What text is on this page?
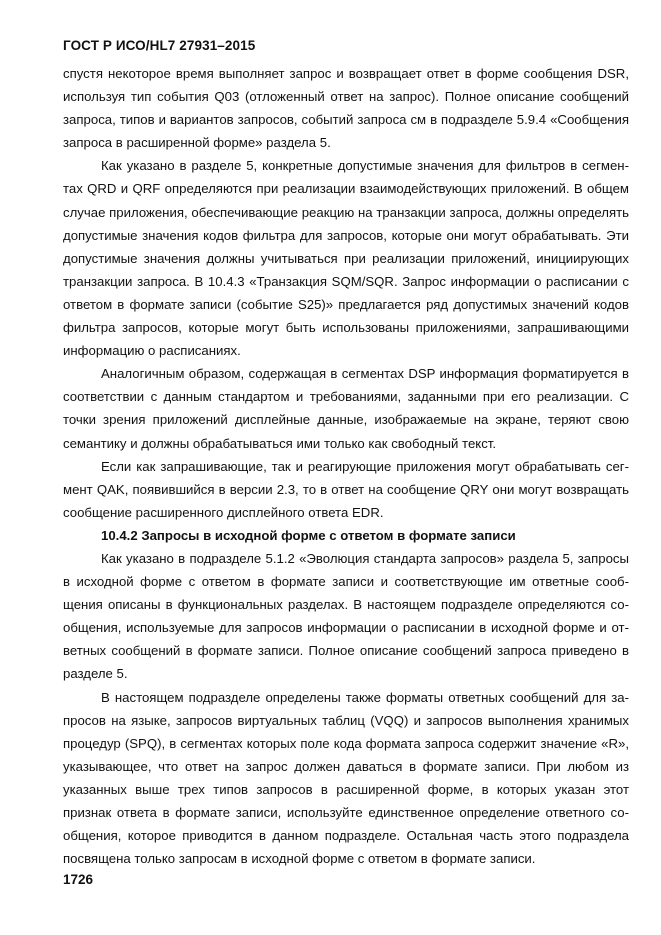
ГОСТ Р ИСО/HL7 27931–2015

спустя некоторое время выполняет запрос и возвращает ответ в форме сообщения DSR, используя тип события Q03 (отложенный ответ на запрос). Полное описание сообщений запроса, типов и вариантов запросов, событий запроса см в подразделе 5.9.4 «Сообщения запроса в расширенной форме» раздела 5.

Как указано в разделе 5, конкретные допустимые значения для фильтров в сегментах QRD и QRF определяются при реализации взаимодействующих приложений. В общем случае приложения, обеспечивающие реакцию на транзакции запроса, должны определять допустимые значения кодов фильтра для запросов, которые они могут обрабатывать. Эти допустимые значения должны учитываться при реализации приложений, инициирующих транзакции запроса. В 10.4.3 «Транзакция SQM/SQR. Запрос информации о расписании с ответом в формате записи (событие S25)» предлагается ряд допустимых значений кодов фильтра запросов, которые могут быть использованы приложениями, запрашивающими информацию о расписаниях.

Аналогичным образом, содержащая в сегментах DSP информация форматируется в соответствии с данным стандартом и требованиями, заданными при его реализации. С точки зрения приложений дисплейные данные, изображаемые на экране, теряют свою семантику и должны обрабатываться ими только как свободный текст.

Если как запрашивающие, так и реагирующие приложения могут обрабатывать сегмент QAK, появившийся в версии 2.3, то в ответ на сообщение QRY они могут возвращать сообщение расширенного дисплейного ответа EDR.

10.4.2 Запросы в исходной форме с ответом в формате записи

Как указано в подразделе 5.1.2 «Эволюция стандарта запросов» раздела 5, запросы в исходной форме с ответом в формате записи и соответствующие им ответные сообщения описаны в функциональных разделах. В настоящем подразделе определяются сообщения, используемые для запросов информации о расписании в исходной форме и ответных сообщений в формате записи. Полное описание сообщений запроса приведено в разделе 5.

В настоящем подразделе определены также форматы ответных сообщений для запросов на языке, запросов виртуальных таблиц (VQQ) и запросов выполнения хранимых процедур (SPQ), в сегментах которых поле кода формата запроса содержит значение «R», указывающее, что ответ на запрос должен даваться в формате записи. При любом из указанных выше трех типов запросов в расширенной форме, в которых указан этот признак ответа в формате записи, используйте единственное определение ответного сообщения, которое приводится в данном подразделе. Остальная часть этого подраздела посвящена только запросам в исходной форме с ответом в формате записи.

1726
